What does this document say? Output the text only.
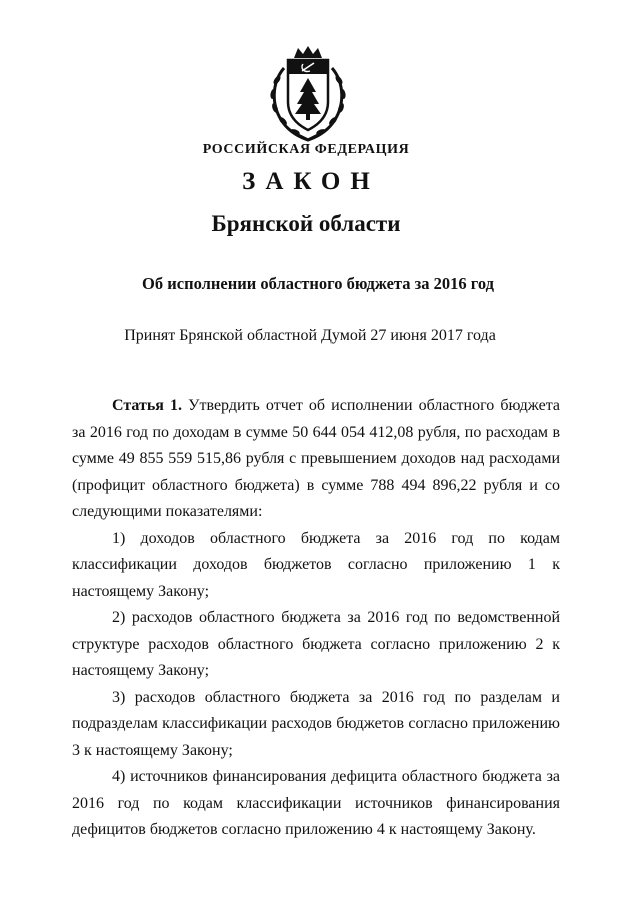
РОССИЙСКАЯ ФЕДЕРАЦИЯ
ЗАКОН
Брянской области
Об исполнении областного бюджета за 2016 год
Принят Брянской областной Думой 27 июня 2017 года

Статья 1. Утвердить отчет об исполнении областного бюджета за 2016 год по доходам в сумме 50 644 054 412,08 рубля, по расходам в сумме 49 855 559 515,86 рубля с превышением доходов над расходами (профицит областного бюджета) в сумме 788 494 896,22 рубля и со следующими показателями:

1) доходов областного бюджета за 2016 год по кодам классификации доходов бюджетов согласно приложению 1 к настоящему Закону;

2) расходов областного бюджета за 2016 год по ведомственной структуре расходов областного бюджета согласно приложению 2 к настоящему Закону;

3) расходов областного бюджета за 2016 год по разделам и подразделам классификации расходов бюджетов согласно приложению 3 к настоящему Закону;

4) источников финансирования дефицита областного бюджета за 2016 год по кодам классификации источников финансирования дефицитов бюджетов согласно приложению 4 к настоящему Закону.
